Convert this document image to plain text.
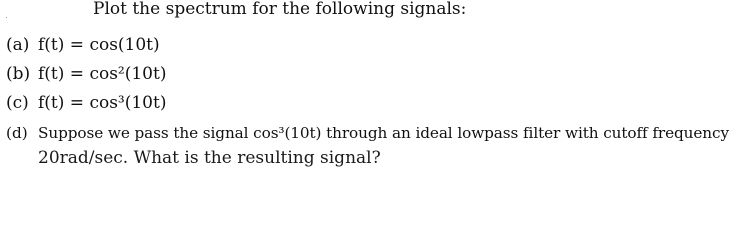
Plot the spectrum for the following signals:
(a) f(t) = cos(10t)
(b) f(t) = cos²(10t)
(c) f(t) = cos³(10t)
(d) Suppose we pass the signal cos³(10t) through an ideal lowpass filter with cutoff frequency
20rad/sec. What is the resulting signal?
